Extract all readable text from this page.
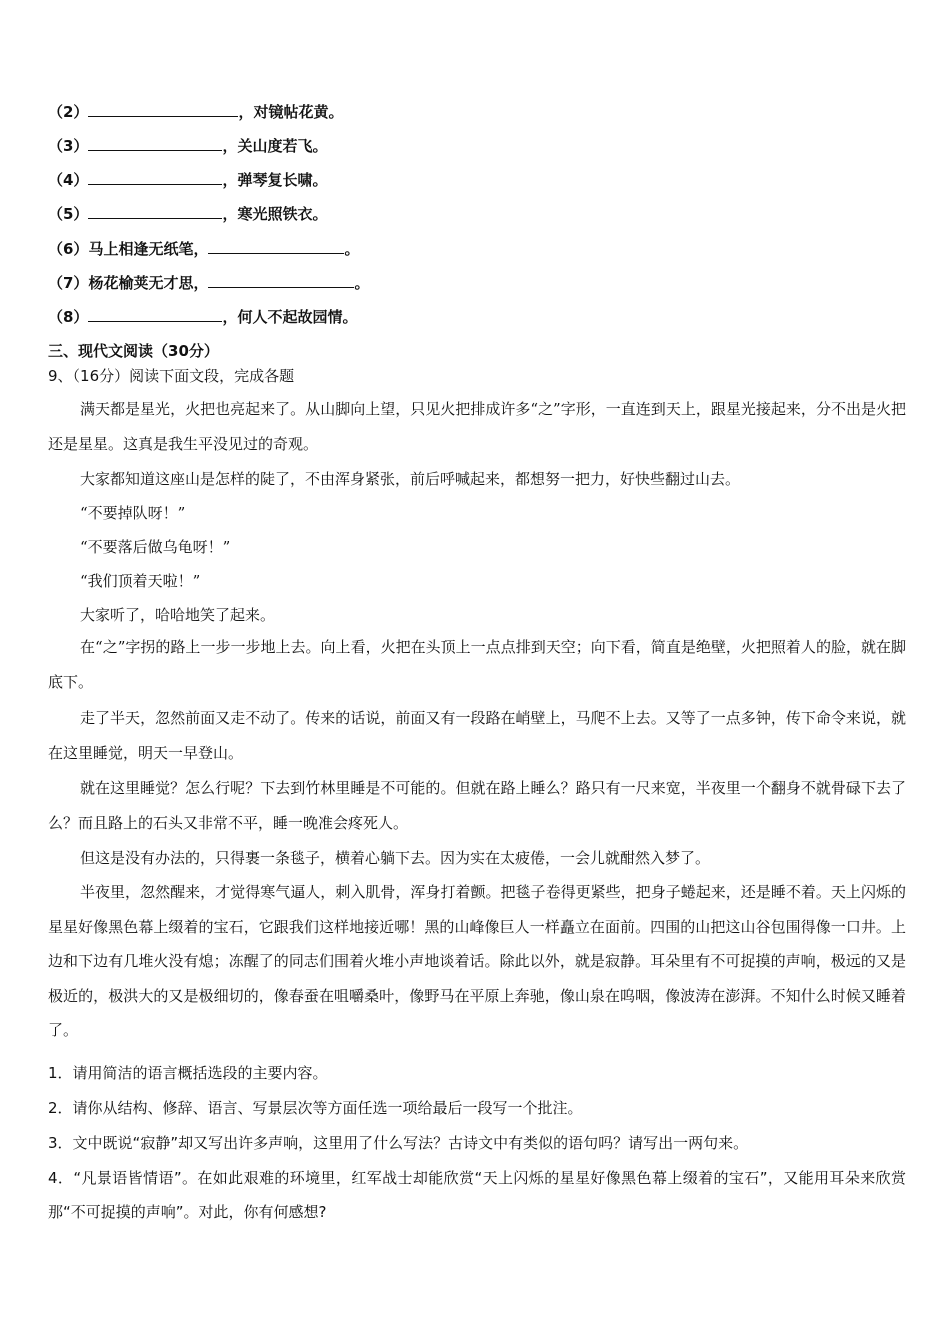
（2）	，对镜帖花黄。
（3）	，关山度若飞。
（4）	，弹琴复长啸。
（5）	，寒光照铁衣。
（6）马上相逢无纸笔，	。
（7）杨花榆荚无才思，	。
（8）	，何人不起故园情。
三、现代文阅读（30分）
9、（16分）阅读下面文段，完成各题
满天都是星光，火把也亮起来了。从山脚向上望，只见火把排成许多“之”字形，一直连到天上，跟星光接起来，分不出是火把还是星星。这真是我生平没见过的奇观。
大家都知道这座山是怎样的陡了，不由浑身紧张，前后呼喊起来，都想努一把力，好快些翻过山去。
“不要掉队呀！”
“不要落后做乌龟呀！”
“我们顶着天啦！”
大家听了，哈哈地笑了起来。
在“之”字拐的路上一步一步地上去。向上看，火把在头顶上一点点排到天空；向下看，简直是绝壁，火把照着人的脸，就在脚底下。
走了半天，忽然前面又走不动了。传来的话说，前面又有一段路在峭壁上，马爬不上去。又等了一点多钟，传下命令来说，就在这里睡觉，明天一早登山。
就在这里睡觉？怎么行呢？下去到竹林里睡是不可能的。但就在路上睡么？路只有一尺来宽，半夜里一个翻身不就骨碌下去了么？而且路上的石头又非常不平，睡一晚准会疼死人。
但这是没有办法的，只得裹一条毯子，横着心躺下去。因为实在太疲倦，一会儿就酣然入梦了。
半夜里，忽然醒来，才觉得寒气逼人，刺入肌骨，浑身打着颤。把毯子卷得更紧些，把身子蜷起来，还是睡不着。天上闪烁的星星好像黑色幕上缀着的宝石，它跟我们这样地接近哪！黑的山峰像巨人一样矗立在面前。四围的山把这山谷包围得像一口井。上边和下边有几堆火没有熄；冻醒了的同志们围着火堆小声地谈着话。除此以外，就是寂静。耳朵里有不可捉摸的声响，极远的又是极近的，极洪大的又是极细切的，像春蚕在咀嚼桑叶，像野马在平原上奔驰，像山泉在呜咽，像波涛在澎湃。不知什么时候又睡着了。
1．请用简洁的语言概括选段的主要内容。
2．请你从结构、修辞、语言、写景层次等方面任选一项给最后一段写一个批注。
3．文中既说“寂静”却又写出许多声响，这里用了什么写法？古诗文中有类似的语句吗？请写出一两句来。
4．“凡景语皆情语”。在如此艰难的环境里，红军战士却能欣赏“天上闪烁的星星好像黑色幕上缀着的宝石”，又能用耳朵来欣赏那“不可捉摸的声响”。对此，你有何感想?
